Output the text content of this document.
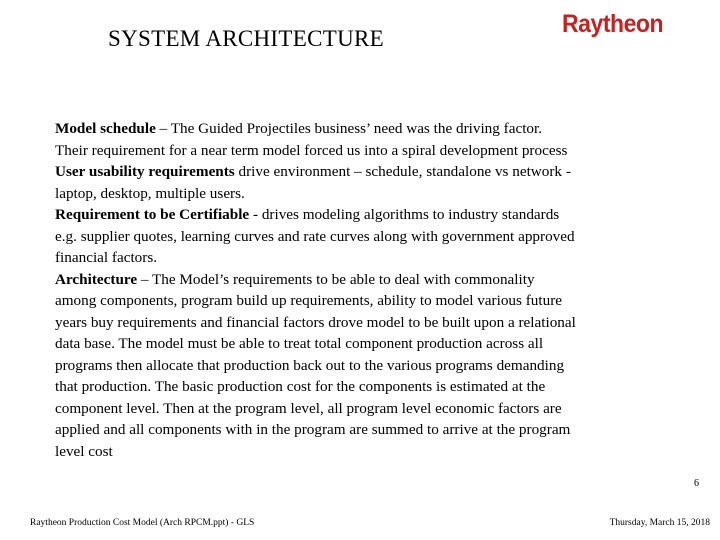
SYSTEM ARCHITECTURE
Raytheon
Model schedule – The Guided Projectiles business’ need was the driving factor.
Their requirement for a near term model forced us into a spiral development process
User usability requirements drive environment – schedule, standalone vs network -
laptop, desktop, multiple users.
Requirement to be Certifiable - drives modeling algorithms to industry standards
e.g. supplier quotes, learning curves and rate curves along with government approved
financial factors.
Architecture – The Model’s requirements to be able to deal with commonality
among components, program build up requirements, ability to model various future
years buy requirements and financial factors drove model to be built upon a relational
data base. The model must be able to treat total component production across all
programs then allocate that production back out to the various programs demanding
that production. The basic production cost for the components is estimated at the
component level. Then at the program level, all program level economic factors are
applied and all components with in the program are summed to arrive at the program
level cost
6
Raytheon Production Cost Model (Arch RPCM.ppt) - GLS	Thursday, March 15, 2018
